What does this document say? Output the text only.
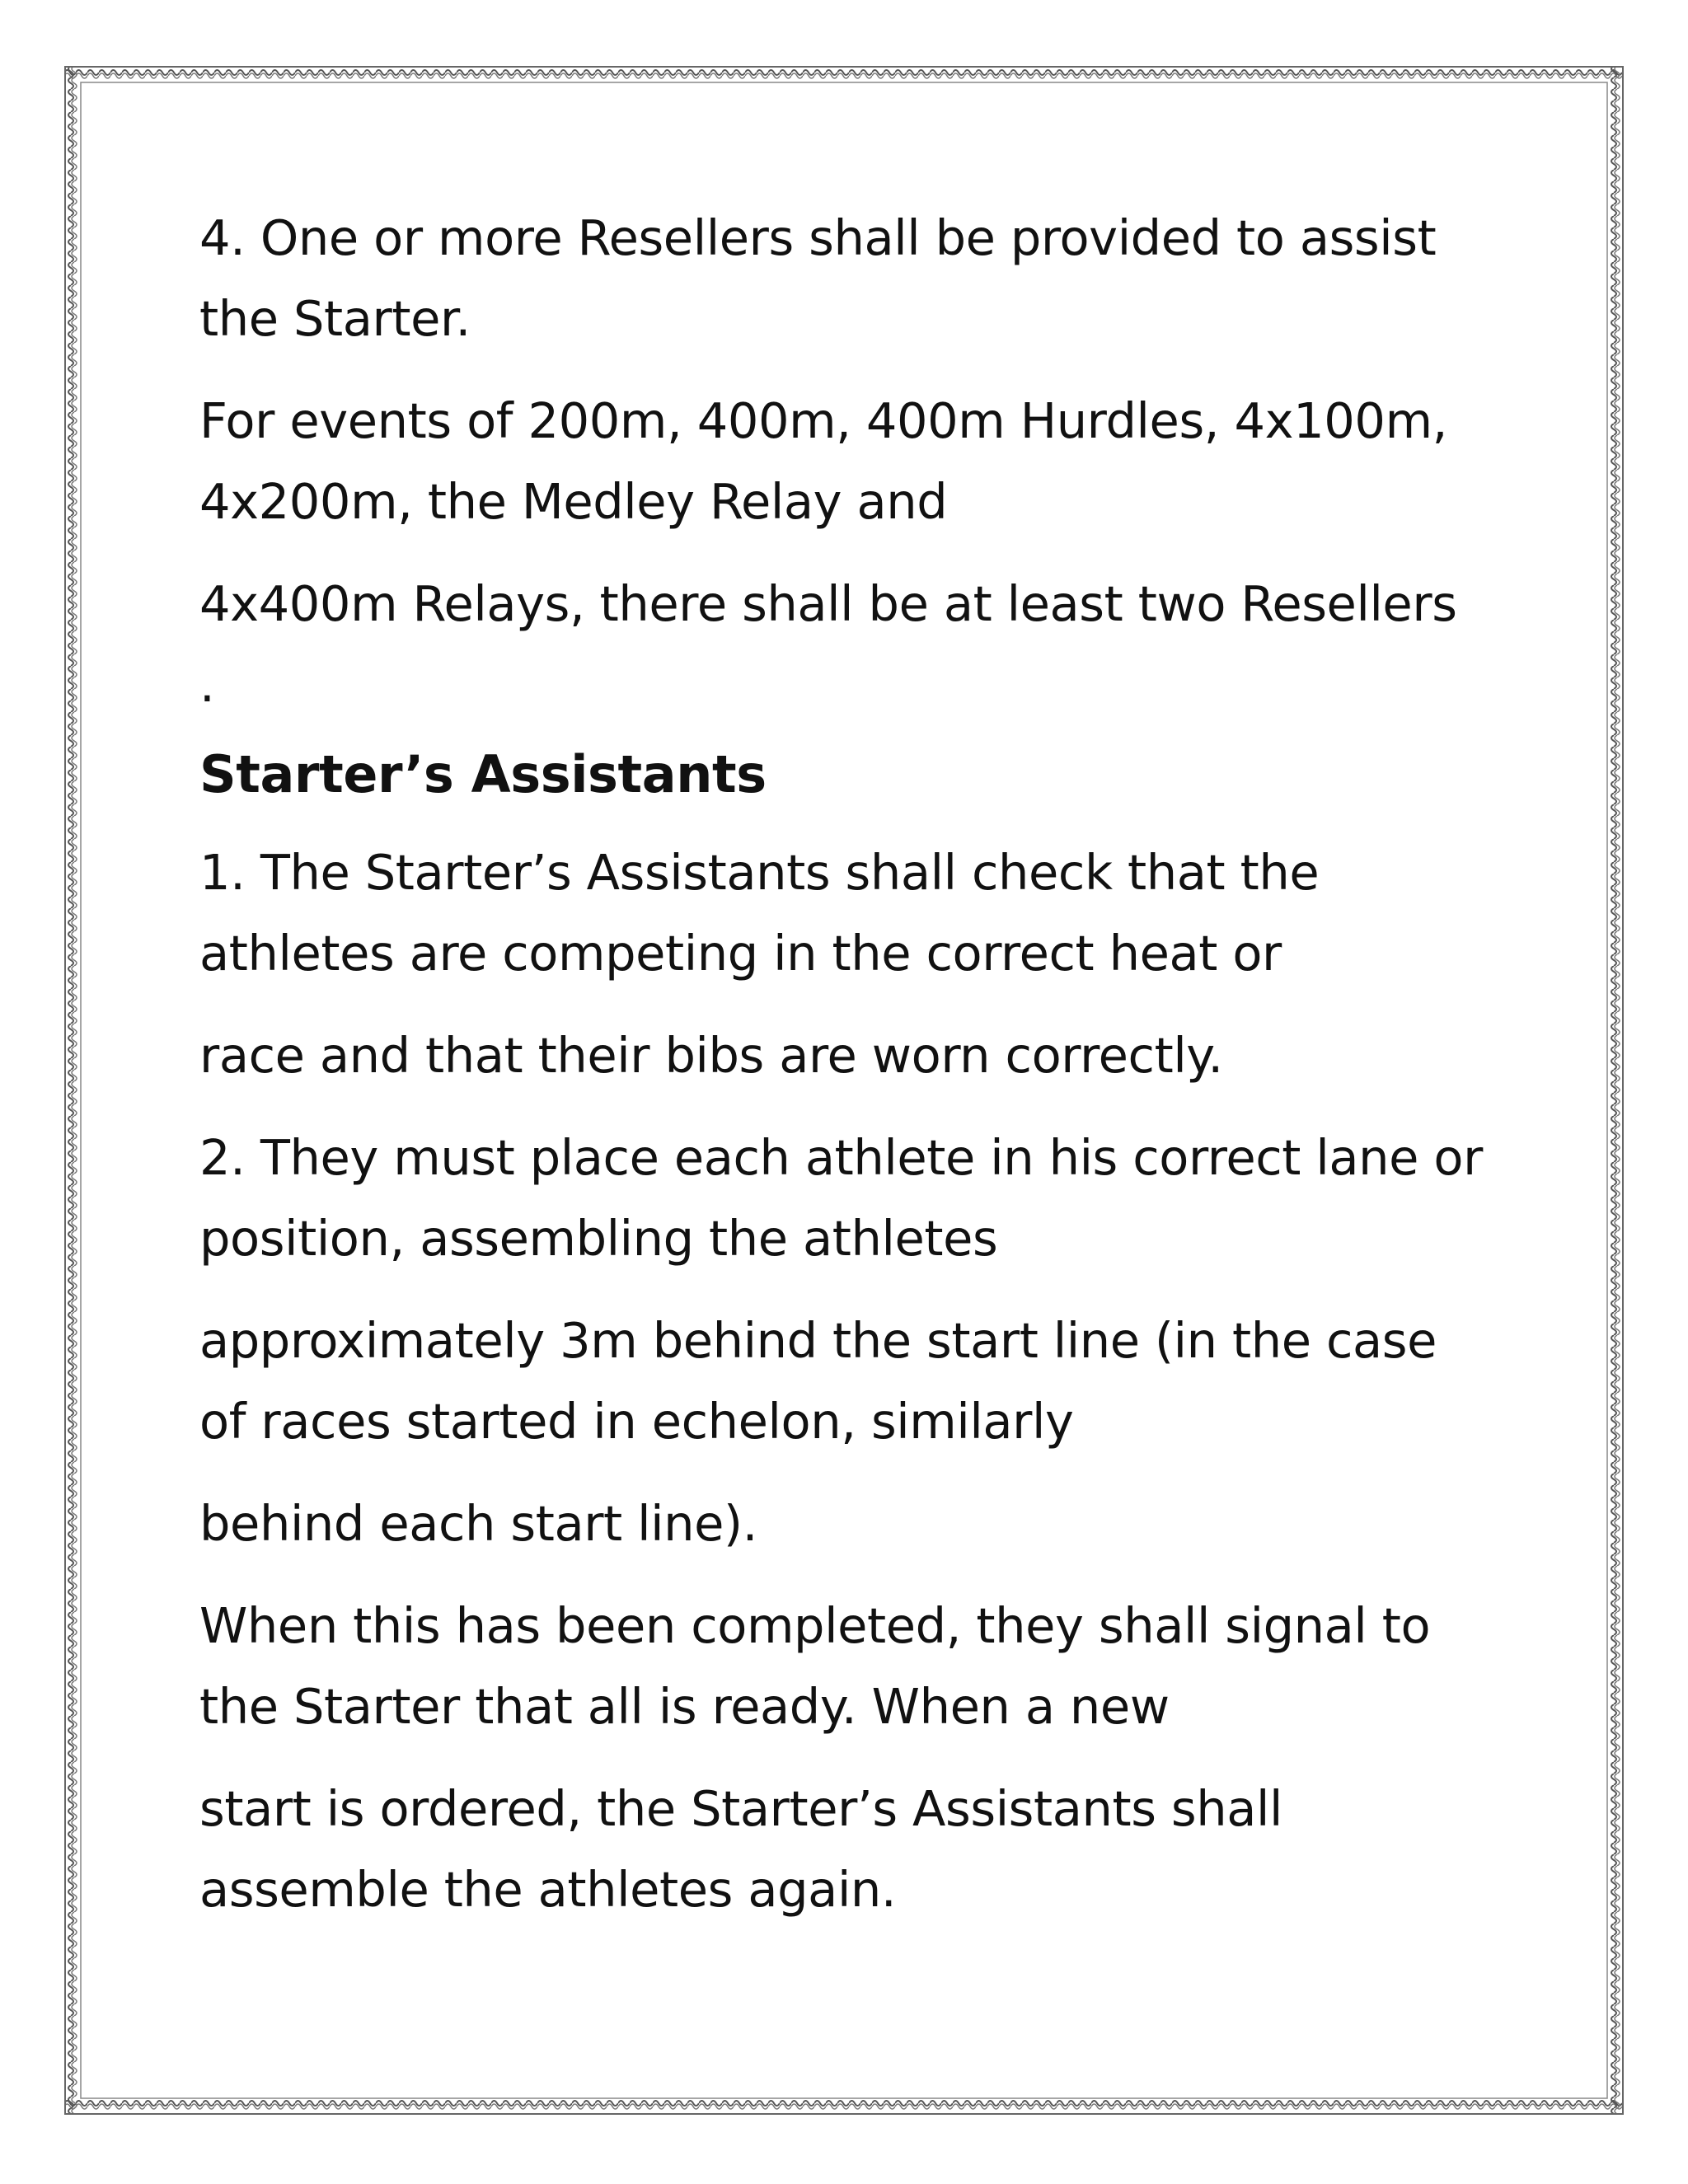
4. One or more Resellers shall be provided to assist the Starter.

For events of 200m, 400m, 400m Hurdles, 4x100m, 4x200m, the Medley Relay and

4x400m Relays, there shall be at least two Resellers

.

Starter’s Assistants

1. The Starter’s Assistants shall check that the athletes are competing in the correct heat or

race and that their bibs are worn correctly.

2. They must place each athlete in his correct lane or position, assembling the athletes

approximately 3m behind the start line (in the case of races started in echelon, similarly

behind each start line).

When this has been completed, they shall signal to the Starter that all is ready. When a new

start is ordered, the Starter’s Assistants shall assemble the athletes again.
